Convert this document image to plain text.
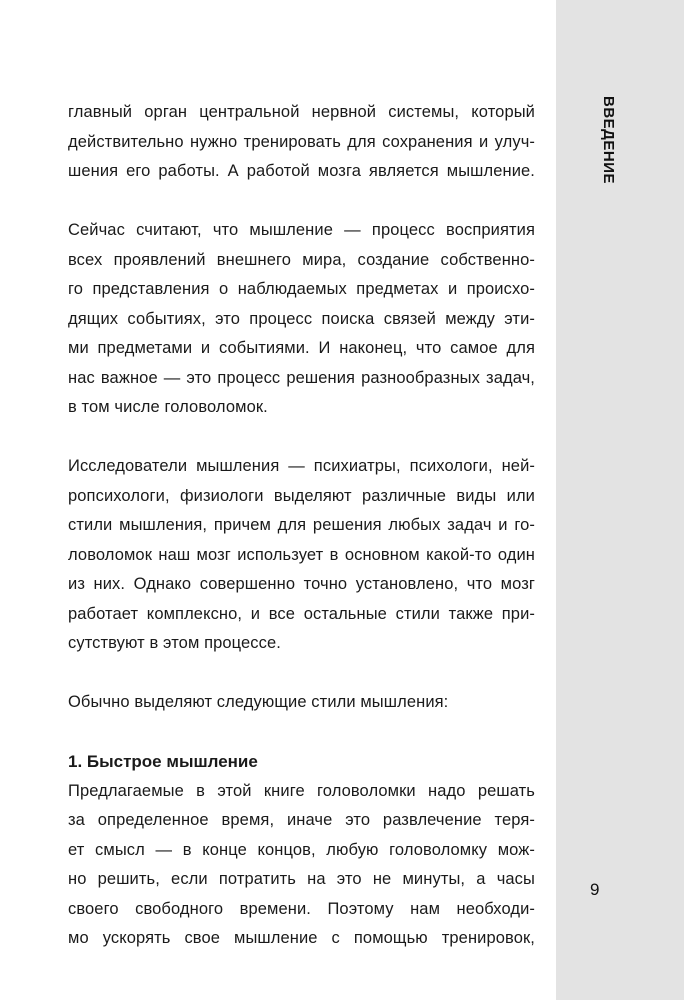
ВВЕДЕНИЕ
9

главный орган центральной нервной системы, который
действительно нужно тренировать для сохранения и улуч-
шения его работы. А работой мозга является мышление.

Сейчас считают, что мышление — процесс восприятия
всех проявлений внешнего мира, создание собственно-
го представления о наблюдаемых предметах и происхо-
дящих событиях, это процесс поиска связей между эти-
ми предметами и событиями. И наконец, что самое для
нас важное — это процесс решения разнообразных задач,
в том числе головоломок.

Исследователи мышления — психиатры, психологи, ней-
ропсихологи, физиологи выделяют различные виды или
стили мышления, причем для решения любых задач и го-
ловоломок наш мозг использует в основном какой-то один
из них. Однако совершенно точно установлено, что мозг
работает комплексно, и все остальные стили также при-
сутствуют в этом процессе.

Обычно выделяют следующие стили мышления:

1. Быстрое мышление

Предлагаемые в этой книге головоломки надо решать
за определенное время, иначе это развлечение теря-
ет смысл — в конце концов, любую головоломку мож-
но решить, если потратить на это не минуты, а часы
своего свободного времени. Поэтому нам необходи-
мо ускорять свое мышление с помощью тренировок,
